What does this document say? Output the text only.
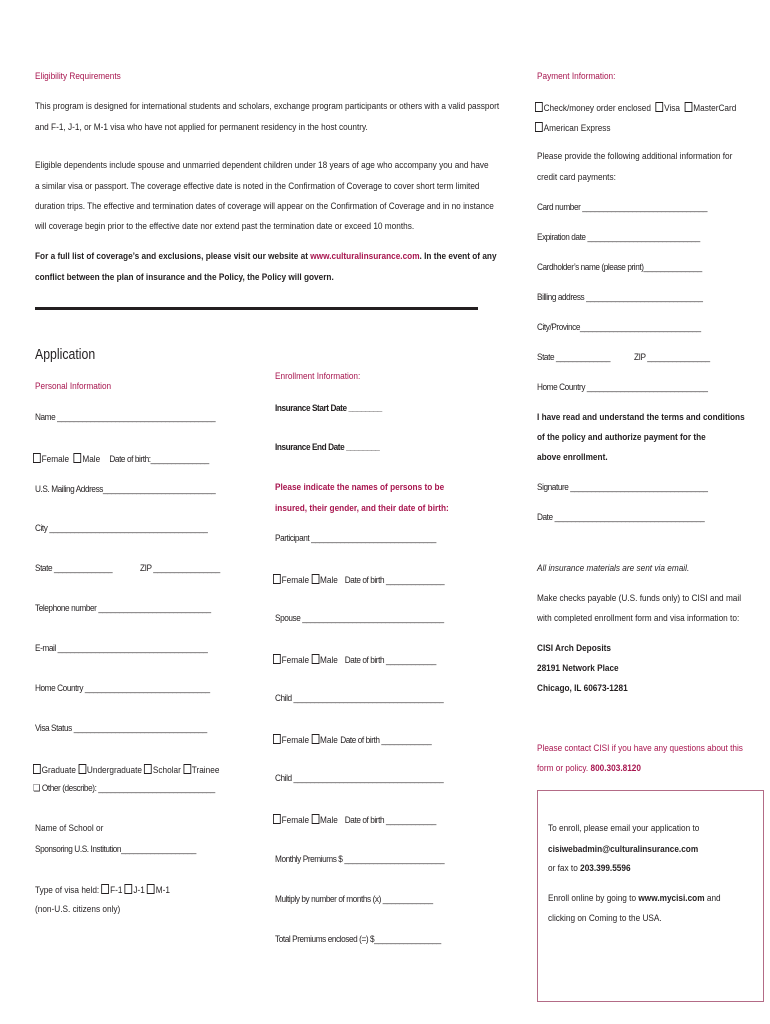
Eligibility Requirements
This program is designed for international students and scholars, exchange program participants or others with a valid passport
and F-1, J-1, or M-1 visa who have not applied for permanent residency in the host country.
Eligible dependents include spouse and unmarried dependent children under 18 years of age who accompany you and have
a similar visa or passport. The coverage effective date is noted in the Confirmation of Coverage to cover short term limited
duration trips. The effective and termination dates of coverage will appear on the Confirmation of Coverage and in no instance
will coverage begin prior to the effective date nor extend past the termination date or exceed 10 months.
For a full list of coverage’s and exclusions, please visit our website at www.culturalinsurance.com. In the event of any
conflict between the plan of insurance and the Policy, the Policy will govern.
Application
Personal Information
Name ______________________________________
Female Male Date of birth:______________
U.S. Mailing Address___________________________
City ______________________________________
State ______________	ZIP ________________
Telephone number ___________________________
E-mail ____________________________________
Home Country ______________________________
Visa Status ________________________________
Graduate Undergraduate Scholar Trainee
❏ Other (describe): ____________________________
Name of School or
Sponsoring U.S. Institution__________________
Type of visa held: F-1 J-1 M-1
(non-U.S. citizens only)
Enrollment Information:
Insurance Start Date ________
Insurance End Date ________
Please indicate the names of persons to be
insured, their gender, and their date of birth:
Participant ______________________________
Female Male Date of birth ______________
Spouse __________________________________
Female Male Date of birth ____________
Child ____________________________________
Female Male Date of birth ____________
Child ____________________________________
Female Male Date of birth ____________
Monthly Premiums $ ________________________
Multiply by number of months (x) ____________
Total Premiums enclosed (=) $________________
Payment Information:
Check/money order enclosed Visa MasterCard
American Express
Please provide the following additional information for
credit card payments:
Card number ______________________________
Expiration date ___________________________
Cardholder’s name (please print)______________
Billing address ____________________________
City/Province_____________________________
State _____________ ZIP _______________
Home Country _____________________________
I have read and understand the terms and conditions
of the policy and authorize payment for the
above enrollment.
Signature _________________________________
Date ____________________________________
All insurance materials are sent via email.
Make checks payable (U.S. funds only) to CISI and mail
with completed enrollment form and visa information to:
CISI Arch Deposits
28191 Network Place
Chicago, IL 60673-1281
Please contact CISI if you have any questions about this
form or policy. 800.303.8120
To enroll, please email your application to
cisiwebadmin@culturalinsurance.com
or fax to 203.399.5596
Enroll online by going to www.mycisi.com and
clicking on Coming to the USA.
